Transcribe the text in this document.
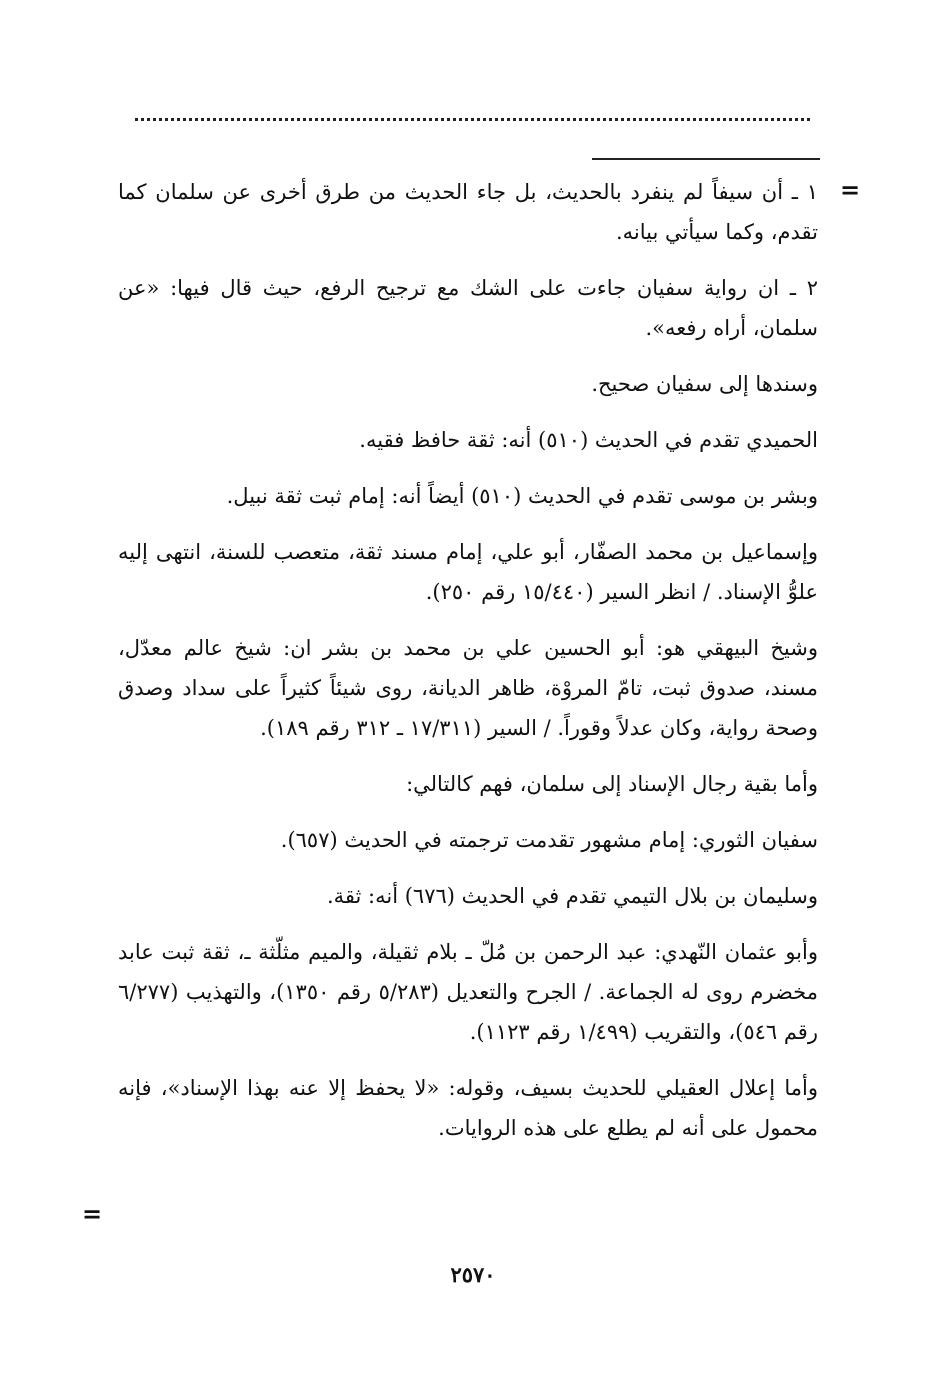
=

١ ـ أن سيفاً لم ينفرد بالحديث، بل جاء الحديث من طرق أخرى عن سلمان كما تقدم، وكما سيأتي بيانه.

٢ ـ ان رواية سفيان جاءت على الشك مع ترجيح الرفع، حيث قال فيها: «عن سلمان، أراه رفعه».

وسندها إلى سفيان صحيح.

الحميدي تقدم في الحديث (٥١٠) أنه: ثقة حافظ فقيه.

وبشر بن موسى تقدم في الحديث (٥١٠) أيضاً أنه: إمام ثبت ثقة نبيل.

وإسماعيل بن محمد الصفّار، أبو علي، إمام مسند ثقة، متعصب للسنة، انتهى إليه علوُّ الإسناد. / انظر السير (١٥/٤٤٠ رقم ٢٥٠).

وشيخ البيهقي هو: أبو الحسين علي بن محمد بن بشر ان: شيخ عالم معدّل، مسند، صدوق ثبت، تامّ المروْة، ظاهر الديانة، روى شيئاً كثيراً على سداد وصدق وصحة رواية، وكان عدلاً وقوراً. / السير (١٧/٣١١ ـ ٣١٢ رقم ١٨٩).

وأما بقية رجال الإسناد إلى سلمان، فهم كالتالي:

سفيان الثوري: إمام مشهور تقدمت ترجمته في الحديث (٦٥٧).

وسليمان بن بلال التيمي تقدم في الحديث (٦٧٦) أنه: ثقة.

وأبو عثمان النّهدي: عبد الرحمن بن مُلّ ـ بلام ثقيلة، والميم مثلّثة ـ، ثقة ثبت عابد مخضرم روى له الجماعة. / الجرح والتعديل (٥/٢٨٣ رقم ١٣٥٠)، والتهذيب (٦/٢٧٧ رقم ٥٤٦)، والتقريب (١/٤٩٩ رقم ١١٢٣).

وأما إعلال العقيلي للحديث بسيف، وقوله: «لا يحفظ إلا عنه بهذا الإسناد»، فإنه محمول على أنه لم يطلع على هذه الروايات.

=
٢٥٧٠
